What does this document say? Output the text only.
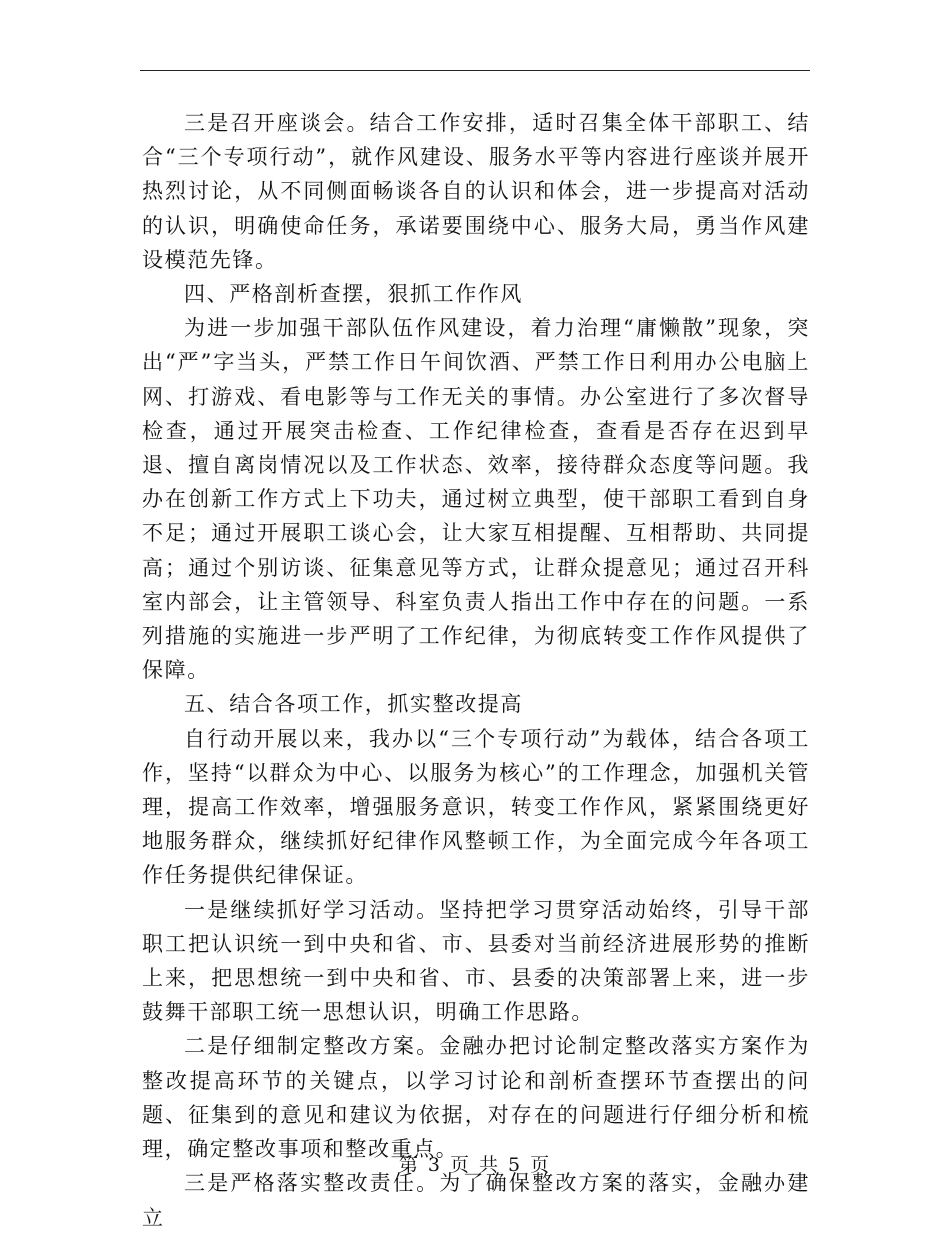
三是召开座谈会。结合工作安排，适时召集全体干部职工、结合“三个专项行动”，就作风建设、服务水平等内容进行座谈并展开热烈讨论，从不同侧面畅谈各自的认识和体会，进一步提高对活动的认识，明确使命任务，承诺要围绕中心、服务大局，勇当作风建设模范先锋。

四、严格剖析查摆，狠抓工作作风

为进一步加强干部队伍作风建设，着力治理“庸懒散”现象，突出“严”字当头，严禁工作日午间饮酒、严禁工作日利用办公电脑上网、打游戏、看电影等与工作无关的事情。办公室进行了多次督导检查，通过开展突击检查、工作纪律检查，查看是否存在迟到早退、擅自离岗情况以及工作状态、效率，接待群众态度等问题。我办在创新工作方式上下功夫，通过树立典型，使干部职工看到自身不足；通过开展职工谈心会，让大家互相提醒、互相帮助、共同提高；通过个别访谈、征集意见等方式，让群众提意见；通过召开科室内部会，让主管领导、科室负责人指出工作中存在的问题。一系列措施的实施进一步严明了工作纪律，为彻底转变工作作风提供了保障。

五、结合各项工作，抓实整改提高

自行动开展以来，我办以“三个专项行动”为载体，结合各项工作，坚持“以群众为中心、以服务为核心”的工作理念，加强机关管理，提高工作效率，增强服务意识，转变工作作风，紧紧围绕更好地服务群众，继续抓好纪律作风整顿工作，为全面完成今年各项工作任务提供纪律保证。

一是继续抓好学习活动。坚持把学习贯穿活动始终，引导干部职工把认识统一到中央和省、市、县委对当前经济进展形势的推断上来，把思想统一到中央和省、市、县委的决策部署上来，进一步鼓舞干部职工统一思想认识，明确工作思路。

二是仔细制定整改方案。金融办把讨论制定整改落实方案作为整改提高环节的关键点，以学习讨论和剖析查摆环节查摆出的问题、征集到的意见和建议为依据，对存在的问题进行仔细分析和梳理，确定整改事项和整改重点。

三是严格落实整改责任。为了确保整改方案的落实，金融办建立

第 3 页 共 5 页
